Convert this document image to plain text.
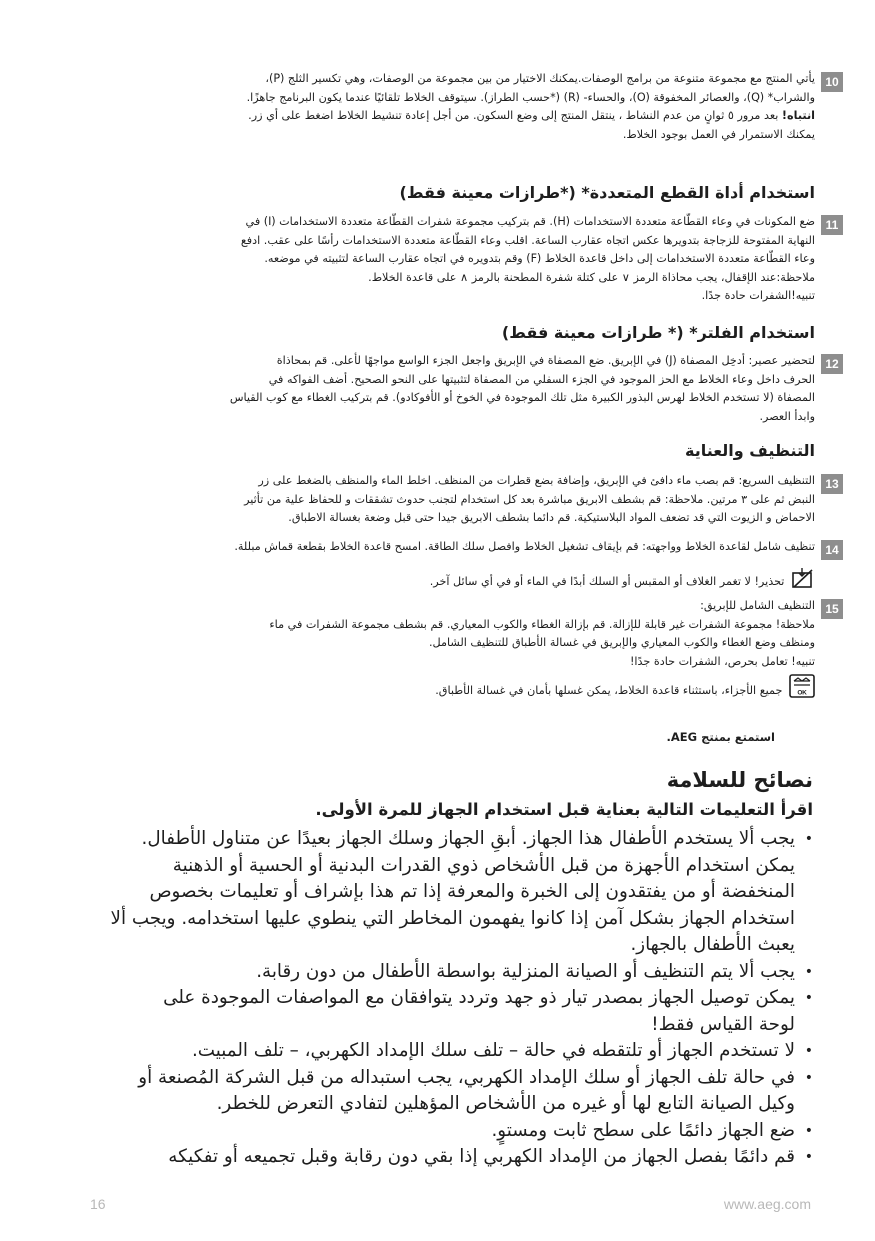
10
يأتي المنتج مع مجموعة متنوعة من برامج الوصفات.يمكنك الاختيار من بين مجموعة من الوصفات، وهي تكسير الثلج (P)،
والشراب* (Q)، والعصائر المخفوقة (O)، والحساء- (R) (*حسب الطراز). سيتوقف الخلاط تلقائيًا عندما يكون البرنامج جاهزًا.
انتباه! بعد مرور ٥ ثوانٍ من عدم النشاط ، ينتقل المنتج إلى وضع السكون. من أجل إعادة تنشيط الخلاط اضغط على أي زر.
يمكنك الاستمرار في العمل بوجود الخلاط.
استخدام أداة القطع المتعددة* (*طرازات معينة فقط)
11
ضع المكونات في وعاء القطّاعة متعددة الاستخدامات (H). قم بتركيب مجموعة شفرات القطّاعة متعددة الاستخدامات (I) في
النهاية المفتوحة للزجاجة بتدويرها عكس اتجاه عقارب الساعة. اقلب وعاء القطّاعة متعددة الاستخدامات رأسًا على عقب. ادفع
وعاء القطّاعة متعددة الاستخدامات إلى داخل قاعدة الخلاط (F) وقم بتدويره في اتجاه عقارب الساعة لتثبيته في موضعه.
ملاحظة:عند الإقفال، يجب محاذاة الرمز ∨ على كتلة شفرة المطحنة بالرمز ∧ على قاعدة الخلاط.
تنبيه!الشفرات حادة جدًا.
استخدام الفلتر* (* طرازات معينة فقط)
12
لتحضير عصير: أدخِل المصفاة (J) في الإبريق. ضع المصفاة في الإبريق واجعل الجزء الواسع مواجهًا لأعلى. قم بمحاذاة
الحرف داخل وعاء الخلاط مع الحز الموجود في الجزء السفلي من المصفاة لتثبيتها على النحو الصحيح. أضف الفواكه في
المصفاة (لا تستخدم الخلاط لهرس البذور الكبيرة مثل تلك الموجودة في الخوخ أو الأفوكادو). قم بتركيب الغطاء مع كوب القياس
وابدأ العصر.
التنظيف والعناية
13
التنظيف السريع: قم بصب ماء دافئ في الإبريق، وإضافة بضع قطرات من المنظف. اخلط الماء والمنظف بالضغط على زر
النبض ثم على ٣ مرتين. ملاحظة: قم بشطف الابريق مباشرة بعد كل استخدام لتجنب حدوث تشققات و للحفاظ علية من تأثير
الاحماض و الزيوت التي قد تضعف المواد البلاستيكية. قم دائما بشطف الابريق جيدا حتى قبل وضعة بغسالة الاطباق.
14
تنظيف شامل لقاعدة الخلاط وواجهته: قم بإيقاف تشغيل الخلاط وافصل سلك الطاقة. امسح قاعدة الخلاط بقطعة قماش مبللة.
تحذير! لا تغمر الغلاف أو المقبس أو السلك أبدًا في الماء أو في أي سائل آخر.
15
التنظيف الشامل للإبريق:
ملاحظة! مجموعة الشفرات غير قابلة للإزالة. قم بإزالة الغطاء والكوب المعياري. قم بشطف مجموعة الشفرات في ماء
ومنظف وضع الغطاء والكوب المعياري والإبريق في غسالة الأطباق للتنظيف الشامل.
تنبيه! تعامل بحرص، الشفرات حادة جدًا!
OK
جميع الأجزاء، باستثناء قاعدة الخلاط، يمكن غسلها بأمان في غسالة الأطباق.
استمتع بمنتج AEG.
نصائح للسلامة
اقرأ التعليمات التالية بعناية قبل استخدام الجهاز للمرة الأولى.
• يجب ألا يستخدم الأطفال هذا الجهاز. أبقِ الجهاز وسلك الجهاز بعيدًا عن متناول الأطفال.
يمكن استخدام الأجهزة من قبل الأشخاص ذوي القدرات البدنية أو الحسية أو الذهنية
المنخفضة أو من يفتقدون إلى الخبرة والمعرفة إذا تم هذا بإشراف أو تعليمات بخصوص
استخدام الجهاز بشكل آمن إذا كانوا يفهمون المخاطر التي ينطوي عليها استخدامه. ويجب ألا
يعبث الأطفال بالجهاز.
• يجب ألا يتم التنظيف أو الصيانة المنزلية بواسطة الأطفال من دون رقابة.
• يمكن توصيل الجهاز بمصدر تيار ذو جهد وتردد يتوافقان مع المواصفات الموجودة على
لوحة القياس فقط!
• لا تستخدم الجهاز أو تلتقطه في حالة – تلف سلك الإمداد الكهربي، – تلف المبيت.
• في حالة تلف الجهاز أو سلك الإمداد الكهربي، يجب استبداله من قبل الشركة المُصنعة أو
وكيل الصيانة التابع لها أو غيره من الأشخاص المؤهلين لتفادي التعرض للخطر.
• ضع الجهاز دائمًا على سطح ثابت ومستوٍ.
• قم دائمًا بفصل الجهاز من الإمداد الكهربي إذا بقي دون رقابة وقبل تجميعه أو تفكيكه
16	www.aeg.com
